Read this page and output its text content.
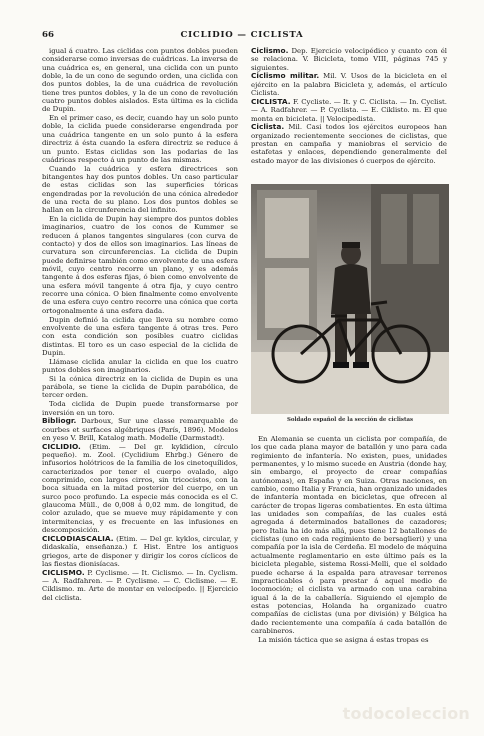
66	CICLIDIO — CICLISTA

igual á cuatro. Las ciclidas con puntos dobles pueden considerarse como inversas de cuádricas. La inversa de una cuádrica es, en general, una ciclida con un punto doble, la de un cono de segundo orden, una ciclida con dos puntos dobles, la de una cuádrica de revolución tiene tres puntos dobles, y la de un cono de revolución cuatro puntos dobles aislados. Esta última es la ciclida de Dupin.

En el primer caso, es decir, cuando hay un solo punto doble, la ciclida puede considerarse engendrada por una cuádrica tangente en un solo punto á la esfera directriz á ésta cuando la esfera directriz se reduce á un punto. Estas ciclidas son las podarias de las cuádricas respecto á un punto de las mismas.

Cuando la cuádrica y esfera directrices son bitangentes hay dos puntos dobles. Un caso particular de estas ciclidas son las superficies tóricas engendradas por la revolución de una cónica alrededor de una recta de su plano. Los dos puntos dobles se hallan en la circunferencia del infinito.

En la ciclida de Dupin hay siempre dos puntos dobles imaginarios, cuatro de los conos de Kummer se reducen á planos tangentes singulares (con curva de contacto) y dos de ellos son imaginarios. Las líneas de curvatura son circunferencias. La ciclida de Dupin puede definirse también como envolvente de una esfera móvil, cuyo centro recorre un plano, y es además tangente á dos esferas fijas, ó bien como envolvente de una esfera móvil tangente á otra fija, y cuyo centro recorre una cónica. O bien finalmente como envolvente de una esfera cuyo centro recorre una cónica que corta ortogonalmente á una esfera dada.

Dupin definió la ciclida que lleva su nombre como envolvente de una esfera tangente á otras tres. Pero con esta condición son posibles cuatro ciclidas distintas. El toro es un caso especial de la ciclida de Dupin.

Llámase ciclida anular la ciclida en que los cuatro puntos dobles son imaginarios.

Si la cónica directriz en la ciclida de Dupin es una parábola, se tiene la ciclida de Dupin parabólica, de tercer orden.

Toda ciclida de Dupin puede transformarse por inversión en un toro.

Bibliogr. Darboux, Sur une classe remarquable de courbes et surfaces algébriques (París, 1896). Modelos en yeso V. Brill, Katalog math. Modelle (Darmstadt).

CICLIDIO. (Etim. — Del gr. kyklidion, círculo pequeño). m. Zool. (Cyclidium Ehrbg.) Género de infusorios holótricos de la familia de los cinetoquílidos, caracterizados por tener el cuerpo ovalado, algo comprimido, con largos cirros, sin tricocistos, con la boca situada en la mitad posterior del cuerpo, en un surco poco profundo. La especie más conocida es el C. glaucoma Müll., de 0,008 á 0,02 mm. de longitud, de color azulado, que se mueve muy rápidamente y con intermitencias, y es frecuente en las infusiones en descomposición.

CICLODIASCALIA. (Etim. — Del gr. kyklos, circular, y didaskalía, enseñanza.) f. Hist. Entre los antiguos griegos, arte de disponer y dirigir los coros cíclicos de las fiestas dionisíacas.

CICLISMO. P. Cyclisme. — It. Ciclismo. — In. Cyclism. — A. Radfahren. — P. Cyclisme. — C. Ciclisme. — E. Ciklismo. m. Arte de montar en velocípedo. || Ejercicio del ciclista.

Ciclismo. Dep. Ejercicio velocipédico y cuanto con él se relaciona. V. Bicicleta, tomo VIII, páginas 745 y siguientes.

Ciclismo militar. Mil. V. Usos de la bicicleta en el ejército en la palabra Bicicleta y, además, el artículo Ciclista.

CICLISTA. F. Cycliste. — It. y C. Ciclista. — In. Cyclist. — A. Radfahrer. — P. Cyclista. — E. Ciklisto. m. El que monta en bicicleta. || Velocipedista.

Ciclista. Mil. Casi todos los ejércitos europeos han organizado recientemente secciones de ciclistas, que prestan en campaña y maniobras el servicio de estafetas y enlaces, dependiendo generalmente del estado mayor de las divisiones ó cuerpos de ejército.

Soldado español de la sección de ciclistas

En Alemania se cuenta un ciclista por compañía, de los que cada plana mayor de batallón y uno para cada regimiento de infantería. No existen, pues, unidades permanentes, y lo mismo sucede en Austria (donde hay, sin embargo, el proyecto de crear compañías autónomas), en España y en Suiza. Otras naciones, en cambio, como Italia y Francia, han organizado unidades de infantería montada en bicicletas, que ofrecen al carácter de tropas ligeras combatientes. En esta última las unidades son compañías, de las cuales está agregada á determinados batallones de cazadores; pero Italia ha ido más allá, pues tiene 12 batallones de ciclistas (uno en cada regimiento de bersaglieri) y una compañía por la isla de Cerdeña. El modelo de máquina actualmente reglamentario en este último país es la bicicleta plegable, sistema Rossi-Melli, que el soldado puede echarse á la espalda para atravesar terrenos impracticables ó para prestar á aquel medio de locomoción; el ciclista va armado con una carabina igual á la de la caballería. Siguiendo el ejemplo de estas potencias, Holanda ha organizado cuatro compañías de ciclistas (una por división) y Bélgica ha dado recientemente una compañía á cada batallón de carabineros.

La misión táctica que se asigna á estas tropas es

todocoleccion
